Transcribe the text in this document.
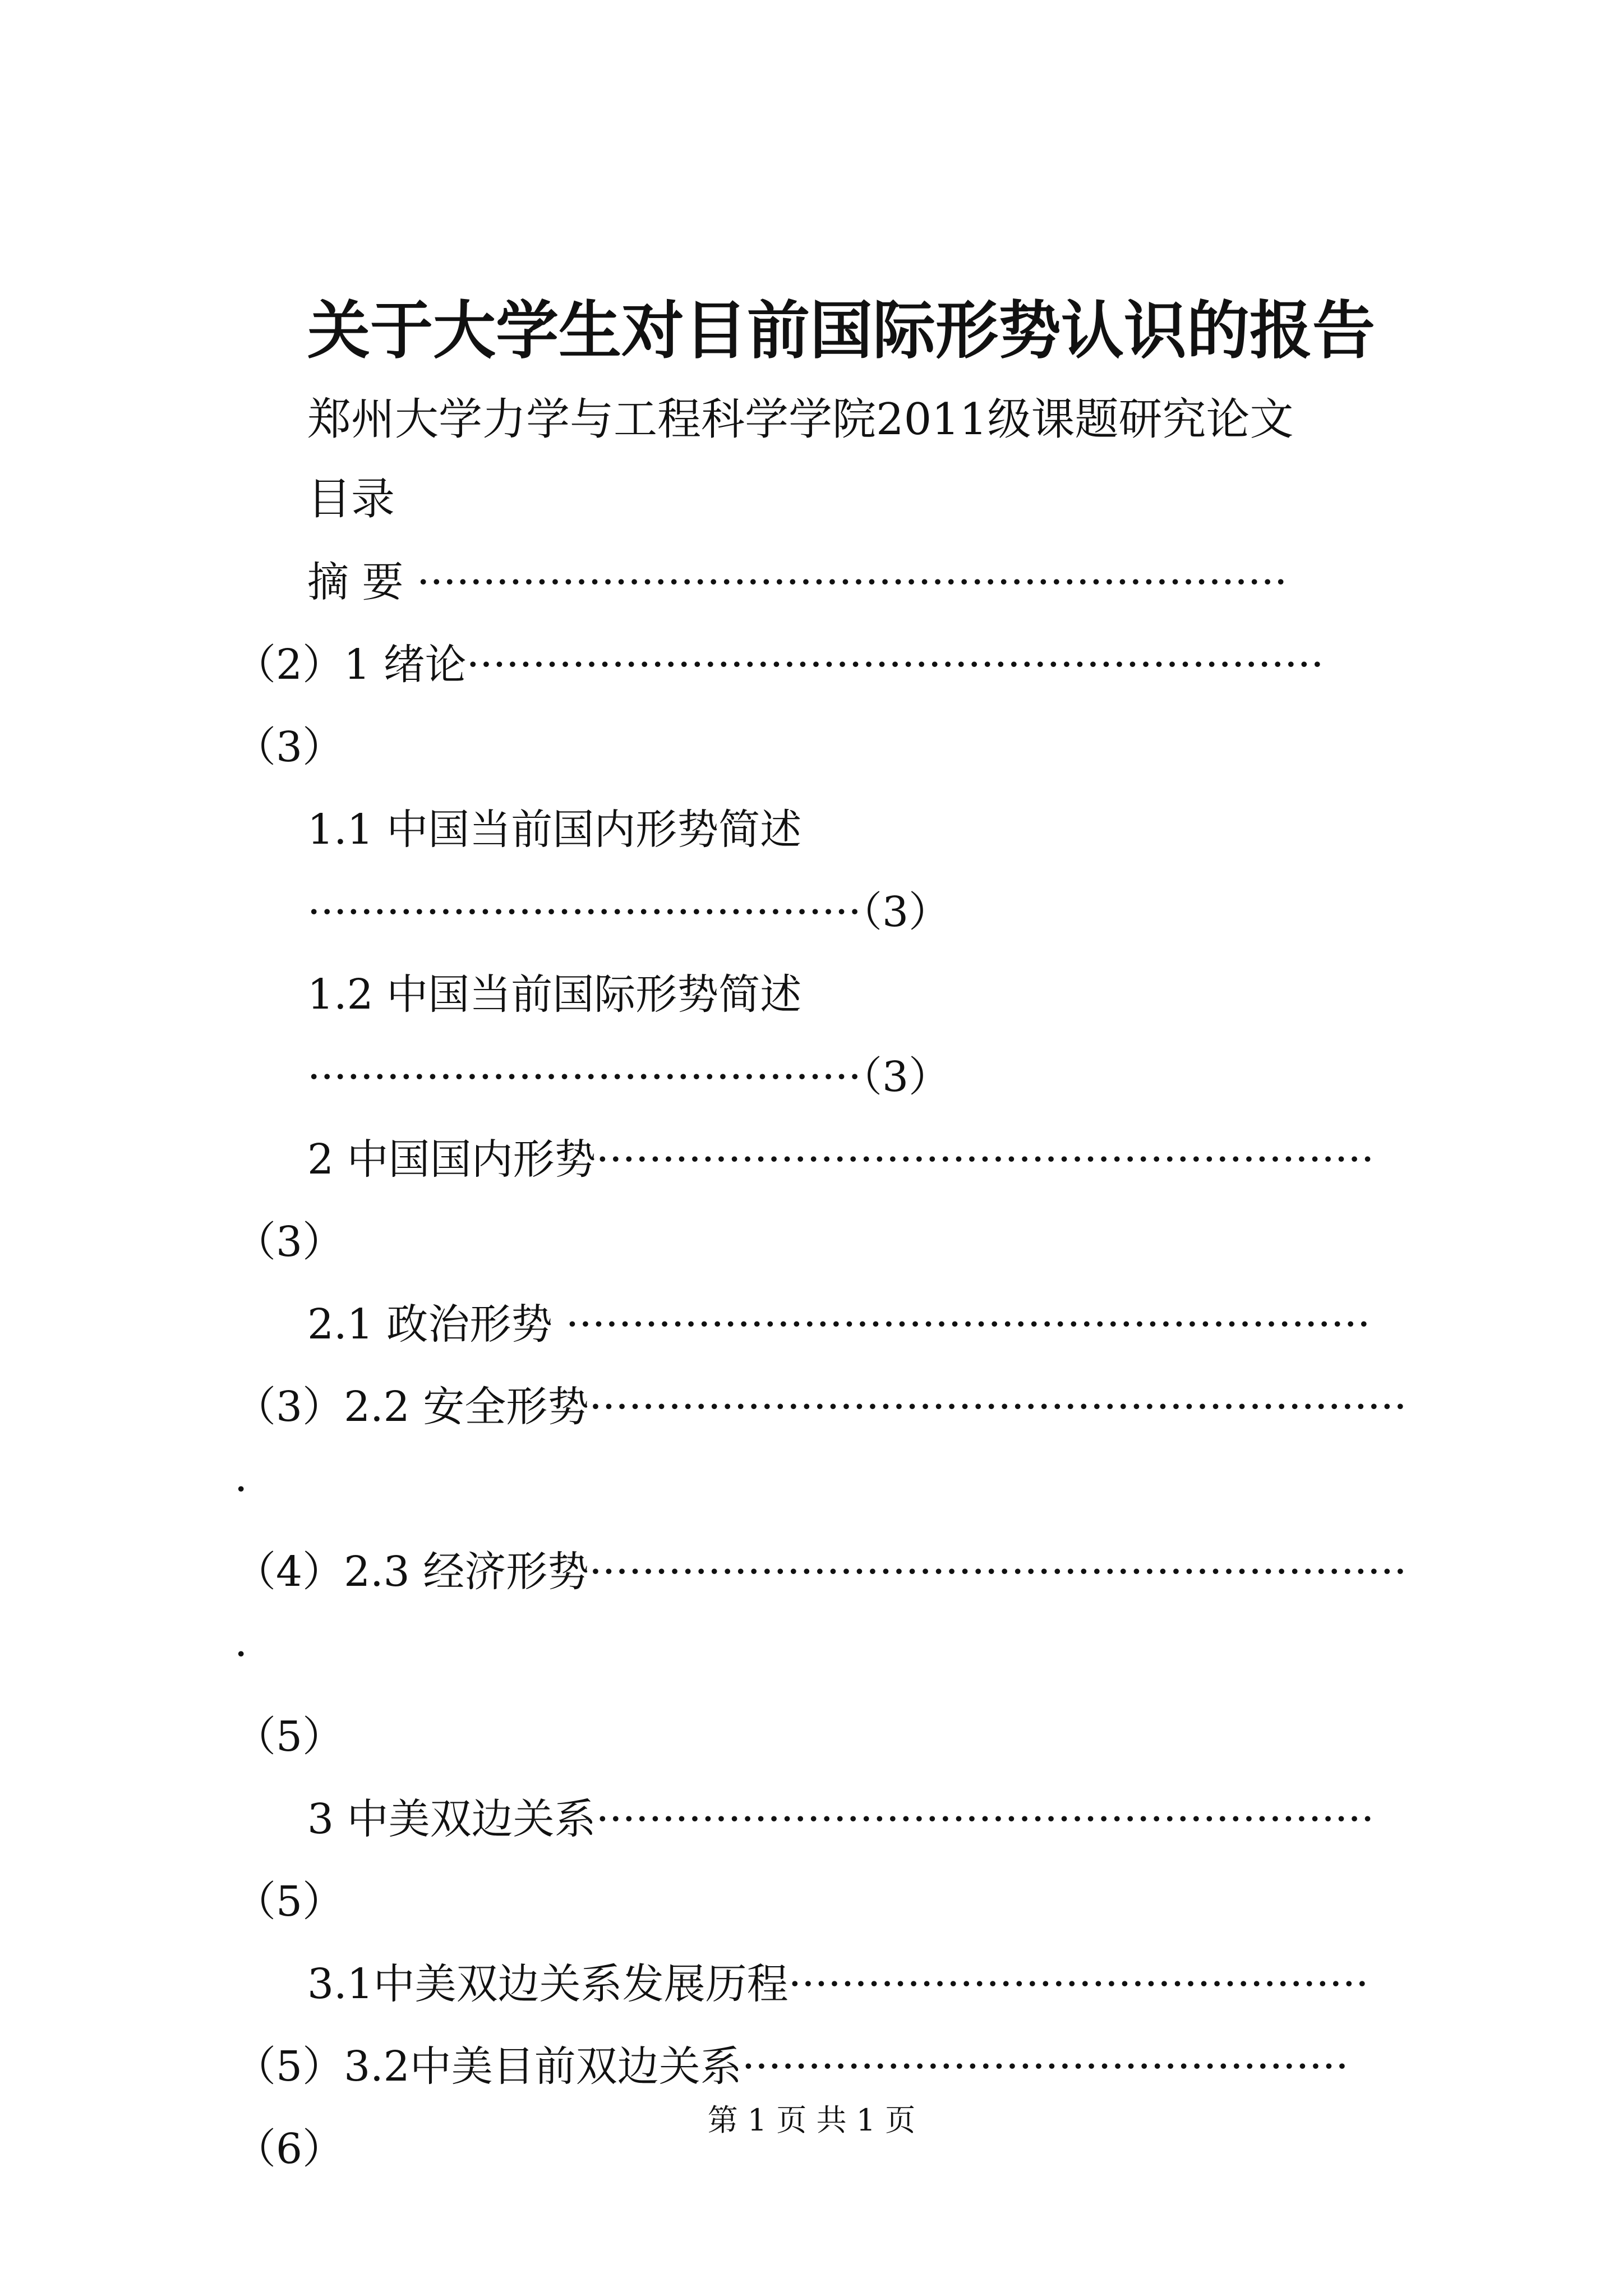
关于大学生对目前国际形势认识的报告
郑州大学力学与工程科学学院2011级课题研究论文
目录

摘 要 ··································································

（2）1 绪论·································································

（3）

1.1 中国当前国内形势简述

··········································（3）

1.2 中国当前国际形势简述

··········································（3）

2 中国国内形势···························································

（3）

2.1 政治形势 ·····························································

（3）2.2 安全形势·······························································

（4）2.3 经济形势·······························································

（5）

3 中美双边关系···························································

（5）

3.1中美双边关系发展历程············································

（5）3.2中美目前双边关系··············································

（6）

第 1 页 共 1 页
